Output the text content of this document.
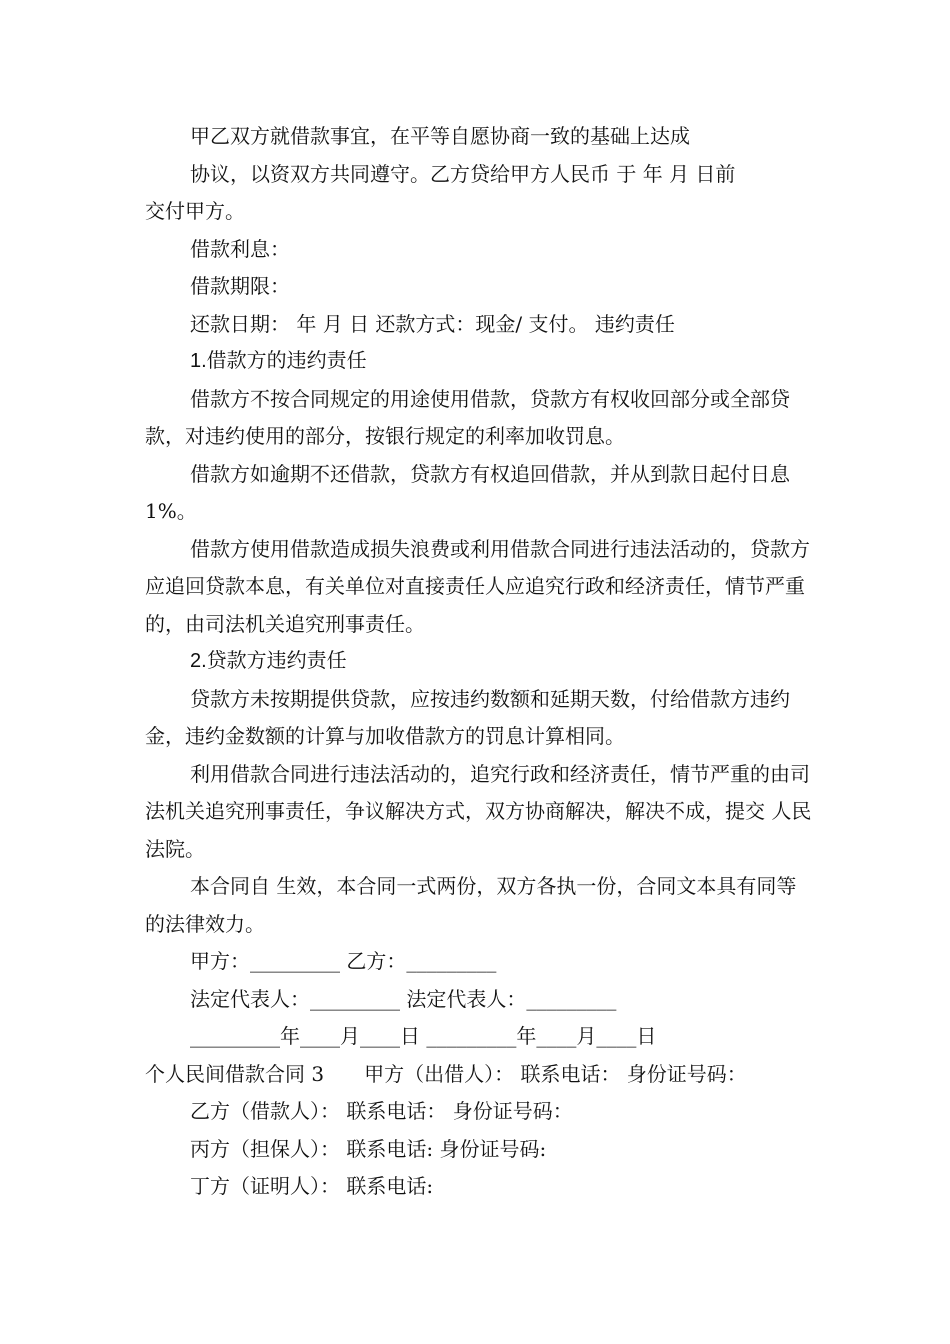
甲乙双方就借款事宜，在平等自愿协商一致的基础上达成
协议，以资双方共同遵守。乙方贷给甲方人民币 于 年 月 日前
交付甲方。

借款利息：

借款期限：

还款日期： 年 月 日 还款方式：现金/ 支付。 违约责任

1.借款方的违约责任

借款方不按合同规定的用途使用借款，贷款方有权收回部分或全部贷款，对违约使用的部分，按银行规定的利率加收罚息。

借款方如逾期不还借款，贷款方有权追回借款，并从到款日起付日息 1%。

借款方使用借款造成损失浪费或利用借款合同进行违法活动的，贷款方应追回贷款本息，有关单位对直接责任人应追究行政和经济责任，情节严重的，由司法机关追究刑事责任。

2.贷款方违约责任

贷款方未按期提供贷款，应按违约数额和延期天数，付给借款方违约金，违约金数额的计算与加收借款方的罚息计算相同。

利用借款合同进行违法活动的，追究行政和经济责任，情节严重的由司法机关追究刑事责任，争议解决方式，双方协商解决，解决不成，提交 人民法院。

本合同自 生效，本合同一式两份，双方各执一份，合同文本具有同等的法律效力。

甲方：_________ 乙方：_________

法定代表人：_________ 法定代表人：_________

_________年____月____日 _________年____月____日

个人民间借款合同 3　　甲方（出借人）： 联系电话： 身份证号码：

乙方（借款人）： 联系电话： 身份证号码：

丙方（担保人）： 联系电话: 身份证号码:

丁方（证明人）： 联系电话:
